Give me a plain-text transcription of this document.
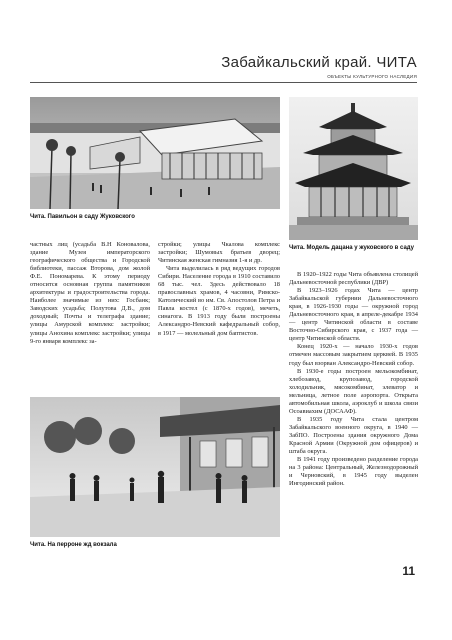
Забайкальский край. ЧИТА
ОБЪЕКТЫ КУЛЬТУРНОГО НАСЛЕДИЯ
Чита. Павильон в саду Жуковского
Чита. Модель дацана у жуковского в саду

частных лиц (усадьба В.Н Коновалова, здание Музея императорского географического общества и Городской библиотеки, пассаж Второва, дом жолой Ф.Е. Пономарева. К этому периоду относится основная группа памятников архитектуры и градостроительства города. Наиболее значимые из них: Госбанк; Заводских усадьба; Полутова Д.В., дом доходный; Почты и телеграфа здание; улицы Амурской комплекс застройки; улицы Анохина комплекс застройки; улицы 9-го января комплекс за-

стройки; улицы Чкалова комплекс застройки; Шумовых братьев дворец; Читинская женская гимназия 1-я и др.

Чита выделилась в ряд ведущих городов Сибири. Население города в 1910 составило 68 тыс. чел. Здесь действовало 18 православных храмов, 4 часовни, Римско-Католический во им. Св. Апостолов Петра и Павла костел (с 1870-х годов), мечеть, синагога. В 1913 году были построены Александро-Невский кафедральный собор, в 1917 — молельный дом баптистов.

В 1920–1922 годы Чита объявлена столицей Дальневосточной республики (ДВР)

В 1923–1926 годах Чита — центр Забайкальской губернии Дальневосточного края, в 1926-1930 годы — окружной город Дальневосточного края, в апреле-декабре 1934 — центр Читинской области в составе Восточно-Сибирского края, с 1937 года — центр Читинской области.

Конец 1920-х — начало 1930-х годов отмечен массовым закрытием церквей. В 1935 году был взорван Александро-Невский собор.

В 1930-е годы построен мельокомбинат, хлебозавод, крупозавод, городской холодильник, мясокомбинат, элеватор и мельница, летное поле аэропорта. Открыта автомобильная школа, аэроклуб и школа связи Осоавиахим (ДОСААФ).

В 1935 году Чита стала центром Забайкальского военного округа, в 1940 — ЗабПО. Построены здания окружного Дома Красной Армии (Окружной дом офицеров) и штаба округа.

В 1941 году произведено разделение города на 3 района: Центральный, Железнодорожный и Черновский, в 1945 году выделен Ингодинский район.

Чита. На перроне жд вокзала
11
